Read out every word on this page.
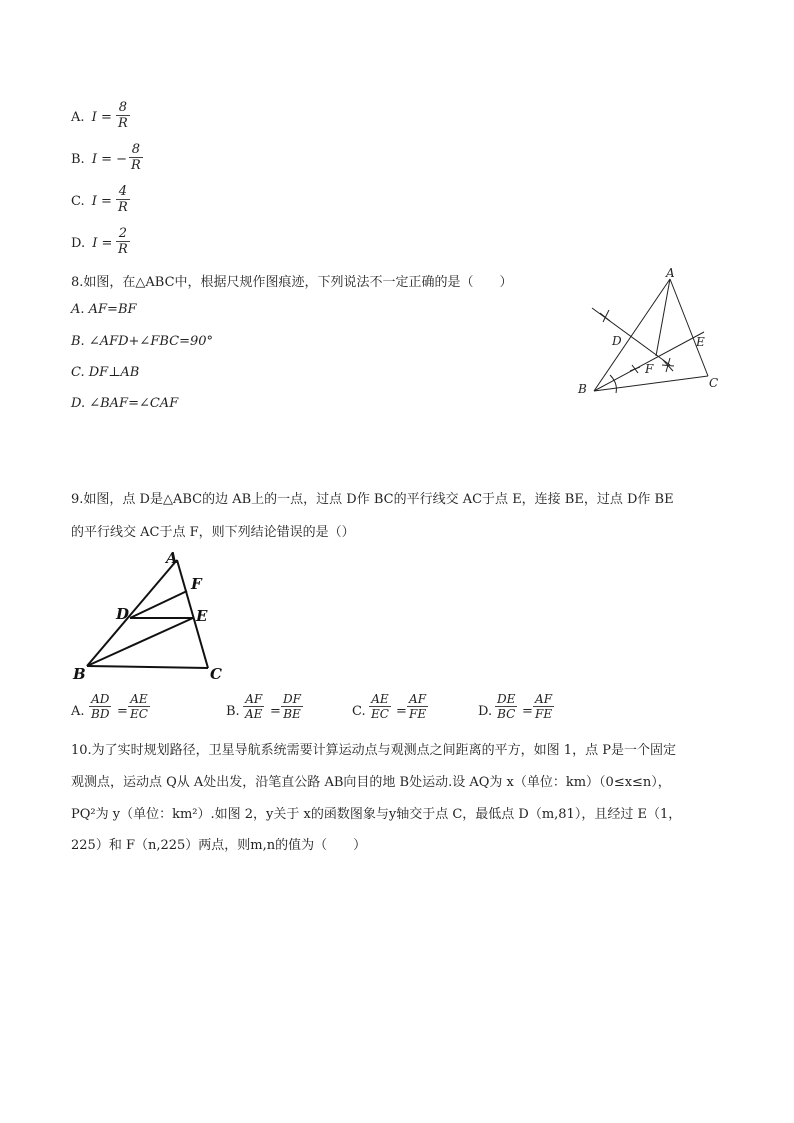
A. $I = \frac{8}{R}$
B. I = − $\frac{8}{R}$
C. $I = \frac{4}{R}$
D. $I = \frac{2}{R}$
8.如图，在△ABC中，根据尺规作图痕迹，下列说法不一定正确的是（　　）
A. AF=BF
B. ∠AFD+∠FBC=90°
C. DF⊥AB
D. ∠BAF=∠CAF
A
B	C
D	E
F
9.如图，点 D是△ABC的边 AB上的一点，过点 D作 BC的平行线交 AC于点 E，连接 BE，过点 D作 BE
的平行线交 AC于点 F，则下列结论错误的是（）
A
B	C
D	E
F
A. $\frac{AD}{BD} = \frac{AE}{EC}$	B. $\frac{AF}{AE} = \frac{DF}{BE}$	C. $\frac{AE}{EC} = \frac{AF}{FE}$	D. $\frac{DE}{BC} = \frac{AF}{FE}$
10.为了实时规划路径，卫星导航系统需要计算运动点与观测点之间距离的平方，如图 1，点 P是一个固定
观测点，运动点 Q从 A处出发，沿笔直公路 AB向目的地 B处运动.设 AQ为 x（单位：km）（0≤x≤n），
PQ²为 y（单位：km²）.如图 2，y关于 x的函数图象与y轴交于点 C，最低点 D（m,81），且经过 E（1，
225）和 F（n,225）两点，则m,n的值为（　　）
